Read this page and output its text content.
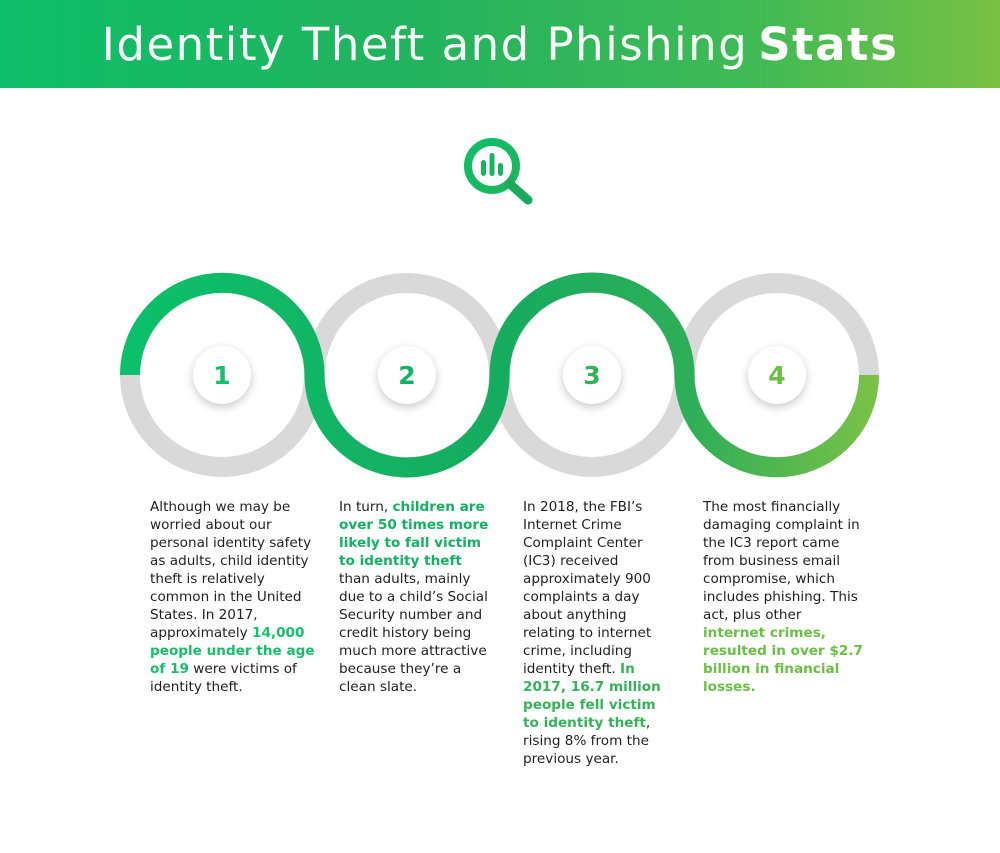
Identity Theft and Phishing Stats
1	2	3	4

Although we may be worried about our personal identity safety as adults, child identity theft is relatively common in the United States. In 2017, approximately 14,000 people under the age of 19 were victims of identity theft.

In turn, children are over 50 times more likely to fall victim to identity theft than adults, mainly due to a child’s Social Security number and credit history being much more attractive because they’re a clean slate.

In 2018, the FBI’s Internet Crime Complaint Center (IC3) received approximately 900 complaints a day about anything relating to internet crime, including identity theft. In 2017, 16.7 million people fell victim to identity theft, rising 8% from the previous year.

The most financially damaging complaint in the IC3 report came from business email compromise, which includes phishing. This act, plus other internet crimes, resulted in over $2.7 billion in financial losses.
